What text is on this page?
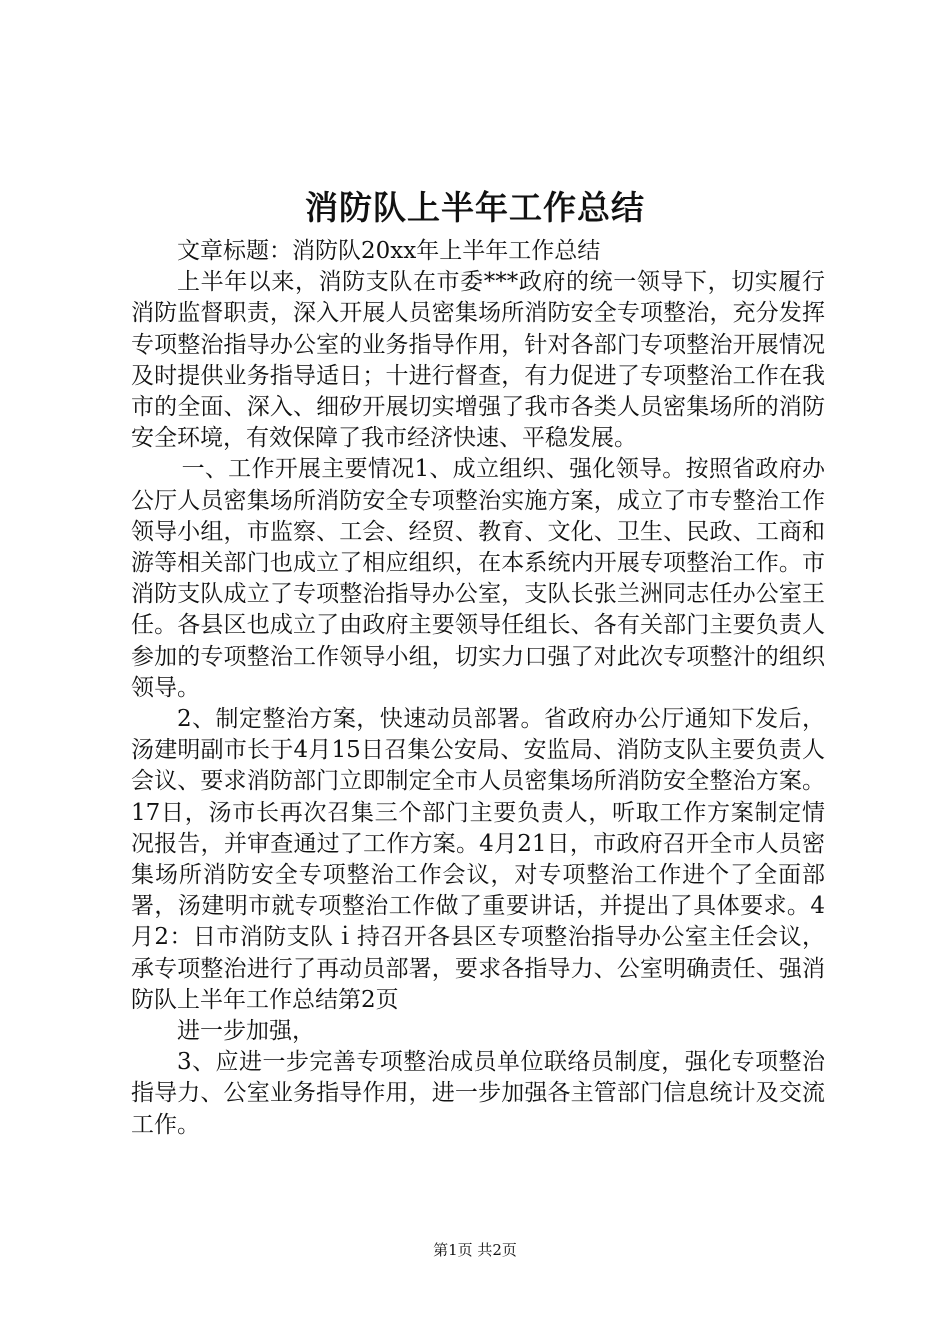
消防队上半年工作总结

文章标题：消防队20xx年上半年工作总结

上半年以来，消防支队在市委***政府的统一领导下，切实履行消防监督职责，深入开展人员密集场所消防安全专项整治，充分发挥专项整治指导办公室的业务指导作用，针对各部门专项整治开展情况及时提供业务指导适日；十进行督查，有力促进了专项整治工作在我市的全面、深入、细矽开展切实增强了我市各类人员密集场所的消防安全环境，有效保障了我市经济快速、平稳发展。

一、工作开展主要情况1、成立组织、强化领导。按照省政府办公厅人员密集场所消防安全专项整治实施方案，成立了市专整治工作领导小组，市监察、工会、经贸、教育、文化、卫生、民政、工商和游等相关部门也成立了相应组织，在本系统内开展专项整治工作。市消防支队成立了专项整治指导办公室，支队长张兰洲同志任办公室王任。各县区也成立了由政府主要领导任组长、各有关部门主要负责人参加的专项整治工作领导小组，切实力口强了对此次专项整汁的组织领导。

2、制定整治方案，快速动员部署。省政府办公厅通知下发后，汤建明副市长于4月15日召集公安局、安监局、消防支队主要负责人会议、要求消防部门立即制定全市人员密集场所消防安全整治方案。17日，汤市长再次召集三个部门主要负责人，听取工作方案制定情况报告，并审查通过了工作方案。4月21日，市政府召开全市人员密集场所消防安全专项整治工作会议，对专项整治工作进个了全面部署，汤建明市就专项整治工作做了重要讲话，并提出了具体要求。4月2：日市消防支队ｉ持召开各县区专项整治指导办公室主任会议，承专项整治进行了再动员部署，要求各指导力、公室明确责任、强消防队上半年工作总结第2页

进一步加强，

3、应进一步完善专项整治成员单位联络员制度，强化专项整治指导力、公室业务指导作用，进一步加强各主管部门信息统计及交流工作。

第1页 共2页
